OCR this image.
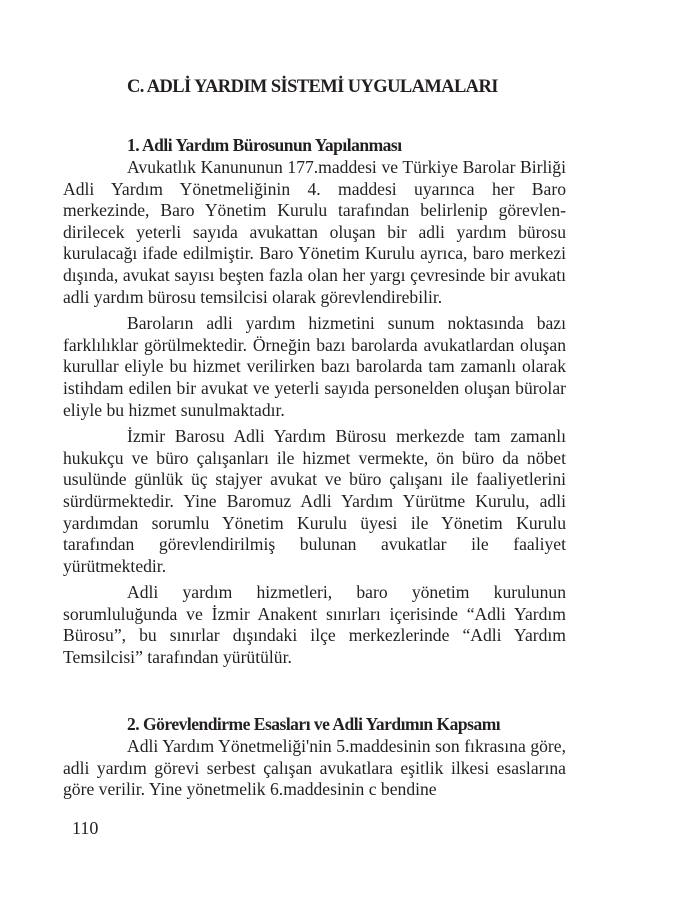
C. ADLİ YARDIM SİSTEMİ UYGULAMALARI
1. Adli Yardım Bürosunun Yapılanması

Avukatlık Kanununun 177.maddesi ve Türkiye Barolar Birliği Adli Yardım Yönetmeliğinin 4. maddesi uyarınca her Baro merkezinde, Baro Yönetim Kurulu tarafından belirlenip görevlendirilecek yeterli sayıda avukattan oluşan bir adli yardım bürosu kurulacağı ifade edilmiştir. Baro Yönetim Kurulu ayrıca, baro merkezi dışında, avukat sayısı beşten fazla olan her yargı çevresinde bir avukatı adli yardım bürosu temsilcisi olarak görevlendirebilir.

Baroların adli yardım hizmetini sunum noktasında bazı farklılıklar görülmektedir. Örneğin bazı barolarda avukatlardan oluşan kurullar eliyle bu hizmet verilirken bazı barolarda tam zamanlı olarak istihdam edilen bir avukat ve yeterli sayıda personelden oluşan bürolar eliyle bu hizmet sunulmaktadır.

İzmir Barosu Adli Yardım Bürosu merkezde tam zamanlı hukukçu ve büro çalışanları ile hizmet vermekte, ön büro da nöbet usulünde günlük üç stajyer avukat ve büro çalışanı ile faaliyetlerini sürdürmektedir. Yine Baromuz Adli Yardım Yürütme Kurulu, adli yardımdan sorumlu Yönetim Kurulu üyesi ile Yönetim Kurulu tarafından görevlendirilmiş bulunan avukatlar ile faaliyet yürütmektedir.

Adli yardım hizmetleri, baro yönetim kurulunun sorumluluğunda ve İzmir Anakent sınırları içerisinde “Adli Yardım Bürosu”, bu sınırlar dışındaki ilçe merkezlerinde “Adli Yardım Temsilcisi” tarafından yürütülür.

2. Görevlendirme Esasları ve Adli Yardımın Kapsamı

Adli Yardım Yönetmeliği'nin 5.maddesinin son fıkrasına göre, adli yardım görevi serbest çalışan avukatlara eşitlik ilkesi esaslarına göre verilir. Yine yönetmelik 6.maddesinin c bendine

110
